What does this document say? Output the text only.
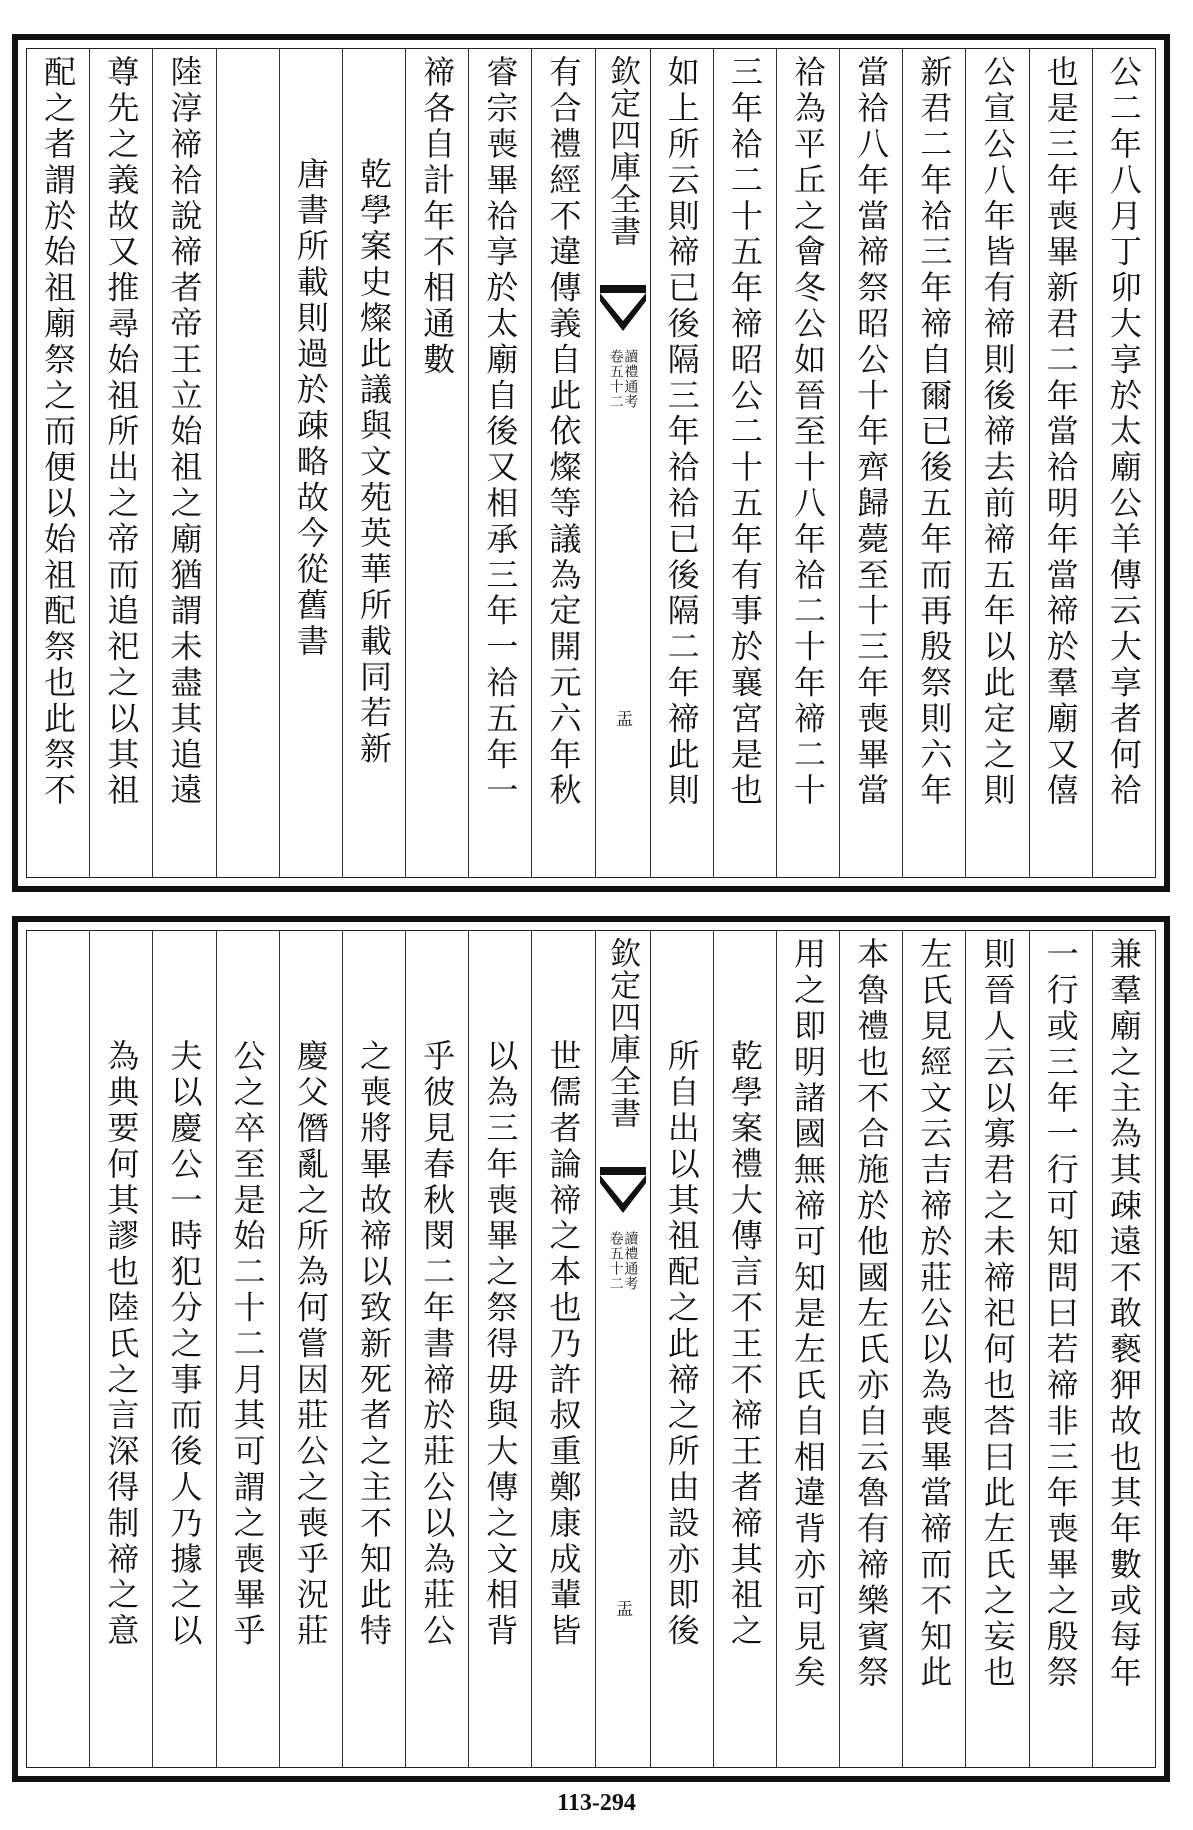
公二年八月丁卯大享於太廟公羊傳云大享者何祫
也是三年喪畢新君二年當祫明年當禘於羣廟又僖
公宣公八年皆有禘則後禘去前禘五年以此定之則
新君二年祫三年禘自爾已後五年而再殷祭則六年
當祫八年當禘祭昭公十年齊歸薨至十三年喪畢當
祫為平丘之會冬公如晉至十八年祫二十年禘二十
三年祫二十五年禘昭公二十五年有事於襄宮是也
如上所云則禘已後隔三年祫祫已後隔二年禘此則
欽定四庫全書
讀禮通考
卷五十二
盂
有合禮經不違傳義自此依燦等議為定開元六年秋
睿宗喪畢祫享於太廟自後又相承三年一祫五年一
禘各自計年不相通數
乾學案史燦此議與文苑英華所載同若新
唐書所載則過於疎略故今從舊書
陸淳禘祫說禘者帝王立始祖之廟猶謂未盡其追遠
尊先之義故又推尋始祖所出之帝而追祀之以其祖
配之者謂於始祖廟祭之而便以始祖配祭也此祭不
兼羣廟之主為其疎遠不敢褻狎故也其年數或每年
一行或三年一行可知問曰若禘非三年喪畢之殷祭
則晉人云以寡君之未禘祀何也荅曰此左氏之妄也
左氏見經文云吉禘於莊公以為喪畢當禘而不知此
本魯禮也不合施於他國左氏亦自云魯有禘樂賓祭
用之即明諸國無禘可知是左氏自相違背亦可見矣
乾學案禮大傳言不王不禘王者禘其祖之
所自出以其祖配之此禘之所由設亦即後
欽定四庫全書
讀禮通考
卷五十二
盂
世儒者論禘之本也乃許叔重鄭康成輩皆
以為三年喪畢之祭得毋與大傳之文相背
乎彼見春秋閔二年書禘於莊公以為莊公
之喪將畢故禘以致新死者之主不知此特
慶父僭亂之所為何嘗因莊公之喪乎況莊
公之卒至是始二十二月其可謂之喪畢乎
夫以慶公一時犯分之事而後人乃據之以
為典要何其謬也陸氏之言深得制禘之意
113-294
